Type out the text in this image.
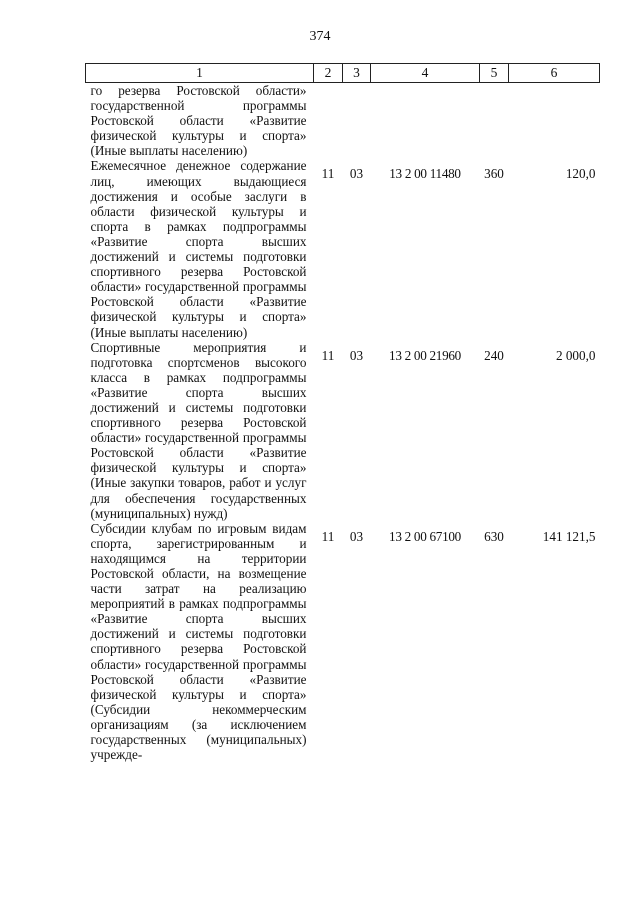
374
1	2	3	4	5	6
го резерва Ростовской области» государственной программы Ростовской области «Развитие физической культуры и спорта» (Иные выплаты населению)					
Ежемесячное денежное содержание лиц, имеющих выдающиеся достижения и особые заслуги в области физической культуры и спорта в рамках подпрограммы «Развитие спорта высших достижений и системы подготовки спортивного резерва Ростовской области» государственной программы Ростовской области «Развитие физической культуры и спорта» (Иные выплаты населению)	11	03	13 2 00 11480	360	120,0
Спортивные мероприятия и подготовка спортсменов высокого класса в рамках подпрограммы «Развитие спорта высших достижений и системы подготовки спортивного резерва Ростовской области» государственной программы Ростовской области «Развитие физической культуры и спорта» (Иные закупки товаров, работ и услуг для обеспечения государственных (муниципальных) нужд)	11	03	13 2 00 21960	240	2 000,0
Субсидии клубам по игровым видам спорта, зарегистрированным и находящимся на территории Ростовской области, на возмещение части затрат на реализацию мероприятий в рамках подпрограммы «Развитие спорта высших достижений и системы подготовки спортивного резерва Ростовской области» государственной программы Ростовской области «Развитие физической культуры и спорта» (Субсидии некоммерческим организациям (за исключением государственных (муниципальных) учрежде-	11	03	13 2 00 67100	630	141 121,5
